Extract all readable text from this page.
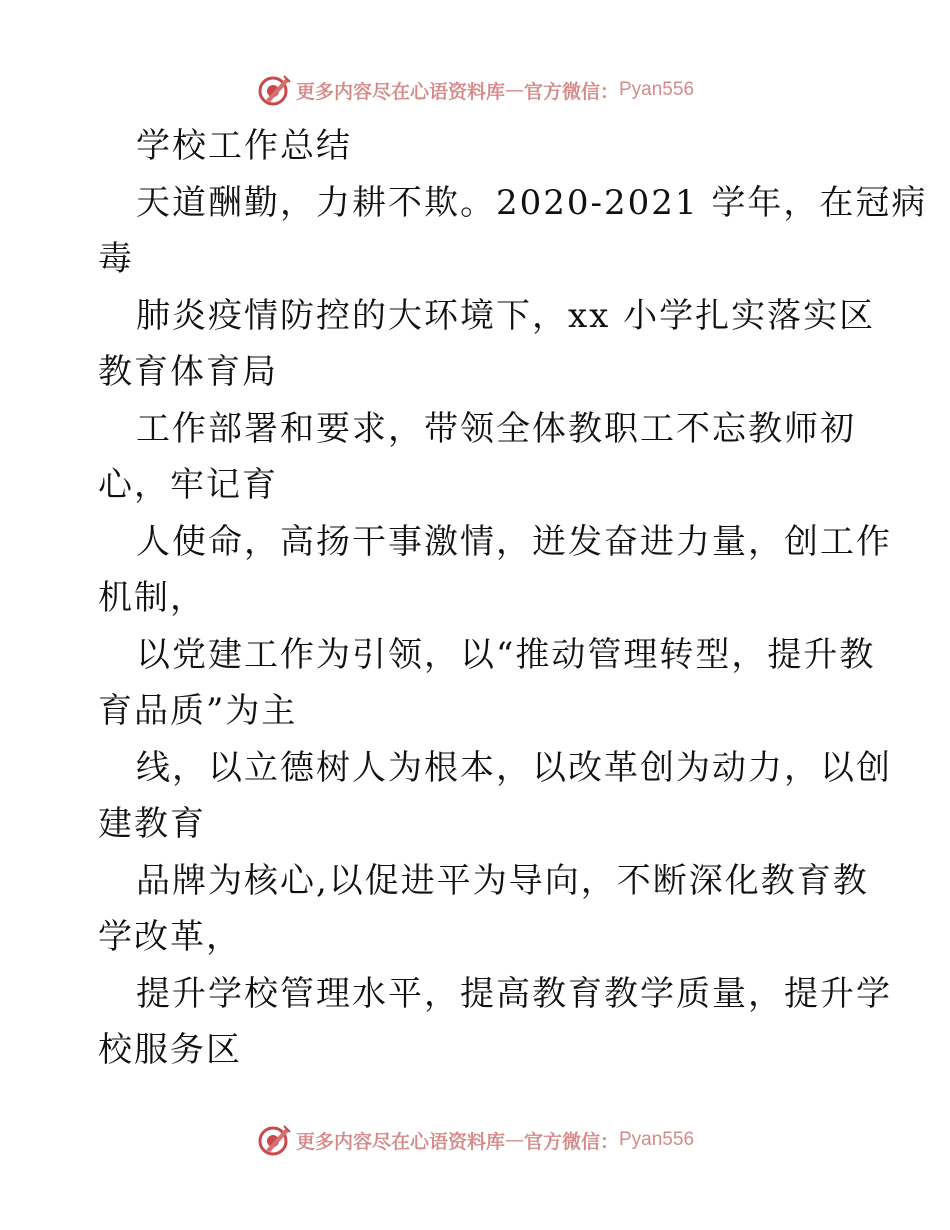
更多内容尽在心语资料库 — 官方微信： Pyan556
学校工作总结
天道酬勤，力耕不欺。2020-2021 学年，在冠病
毒
肺炎疫情防控的大环境下，xx 小学扎实落实区
教育体育局
工作部署和要求，带领全体教职工不忘教师初
心，牢记育
人使命，高扬干事激情，迸发奋进力量，创工作
机制，
以党建工作为引领，以“推动管理转型，提升教
育品质”为主
线，以立德树人为根本，以改革创为动力，以创
建教育
品牌为核心,以促进平为导向，不断深化教育教
学改革，
提升学校管理水平，提高教育教学质量，提升学
校服务区
更多内容尽在心语资料库 — 官方微信： Pyan556
